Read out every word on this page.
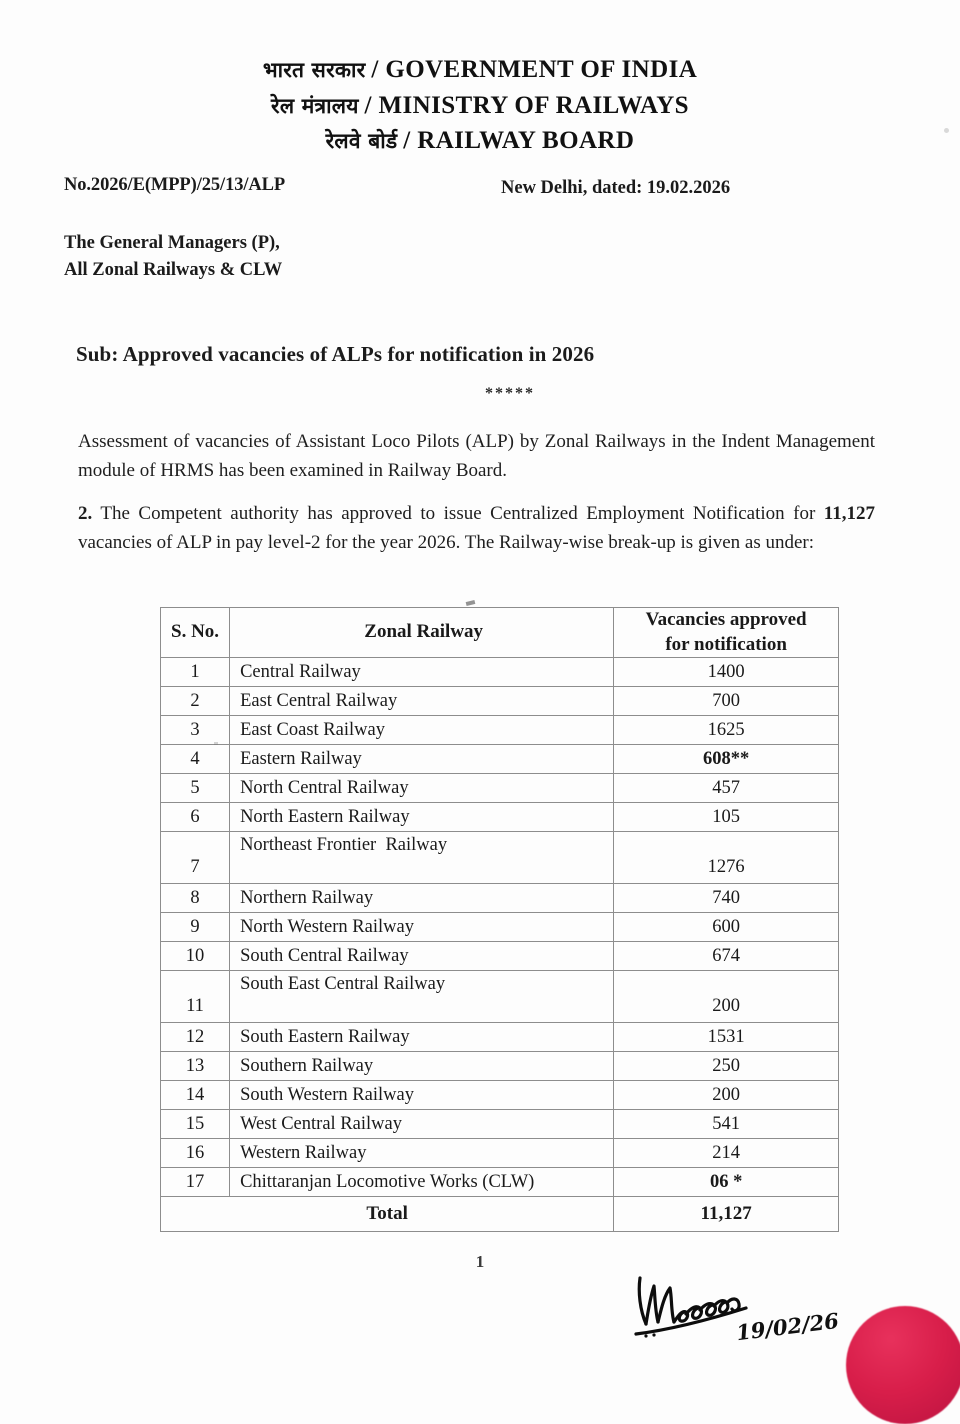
भारत सरकार / GOVERNMENT OF INDIA
रेल मंत्रालय / MINISTRY OF RAILWAYS
रेलवे बोर्ड / RAILWAY BOARD
No.2026/E(MPP)/25/13/ALP	New Delhi, dated: 19.02.2026
The General Managers (P),
All Zonal Railways & CLW
Sub: Approved vacancies of ALPs for notification in 2026
*****
Assessment of vacancies of Assistant Loco Pilots (ALP) by Zonal Railways in the Indent Management module of HRMS has been examined in Railway Board.
2. The Competent authority has approved to issue Centralized Employment Notification for 11,127 vacancies of ALP in pay level-2 for the year 2026. The Railway-wise break-up is given as under:
S. No.	Zonal Railway	Vacancies approved
for notification

1	Central Railway	1400
2	East Central Railway	700
3	East Coast Railway	1625
4	Eastern Railway	608**
5	North Central Railway	457
6	North Eastern Railway	105
7	Northeast Frontier  Railway	1276
8	Northern Railway	740
9	North Western Railway	600
10	South Central Railway	674
11	South East Central Railway	200
12	South Eastern Railway	1531
13	Southern Railway	250
14	South Western Railway	200
15	West Central Railway	541
16	Western Railway	214
17	Chittaranjan Locomotive Works (CLW)	06 *
Total		11,127
1
19/02/26
